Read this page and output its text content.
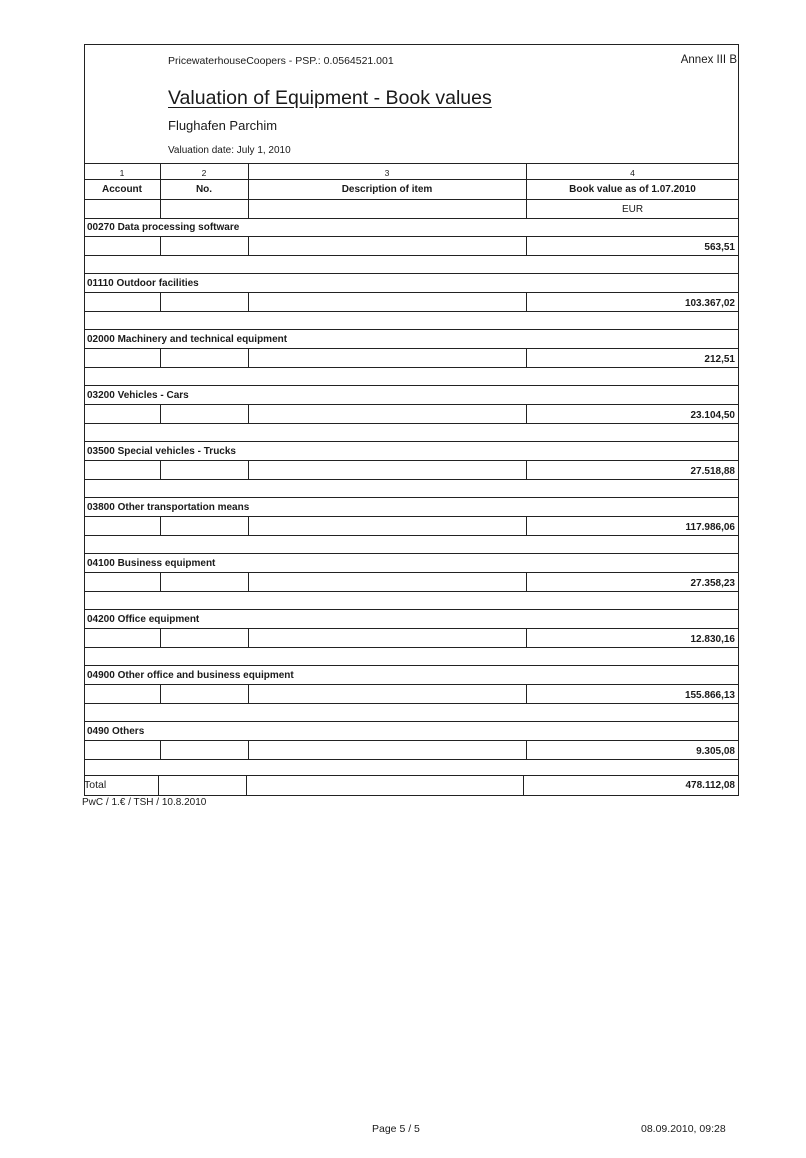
PricewaterhouseCoopers - PSP.: 0.0564521.001	Annex III B
Valuation of Equipment - Book values
Flughafen Parchim
Valuation date: July 1, 2010
1	2	3	4
Account	No.	Description of item	Book value as of 1.07.2010
EUR
00270 Data processing software
563,51
01110 Outdoor facilities
103.367,02
02000 Machinery and technical equipment
212,51
03200 Vehicles - Cars
23.104,50
03500 Special vehicles - Trucks
27.518,88
03800 Other transportation means
117.986,06
04100 Business equipment
27.358,23
04200 Office equipment
12.830,16
04900 Other office and business equipment
155.866,13
0490 Others
9.305,08
Total	478.112,08
PwC / 1.€ / TSH / 10.8.2010
Page 5 / 5	08.09.2010, 09:28
